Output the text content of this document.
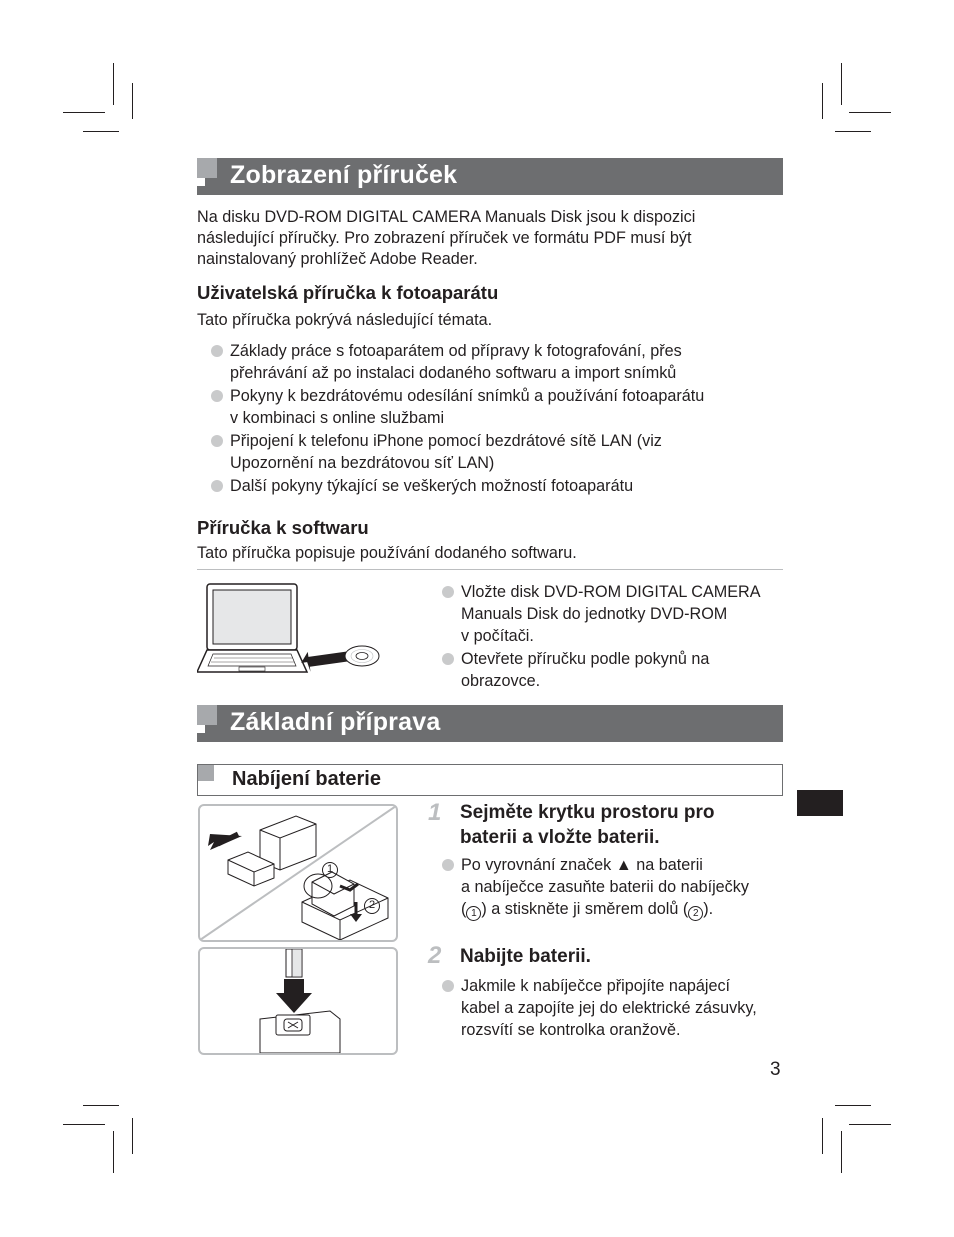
Zobrazení příruček
Na disku DVD-ROM DIGITAL CAMERA Manuals Disk jsou k dispozici
následující příručky. Pro zobrazení příruček ve formátu PDF musí být
nainstalovaný prohlížeč Adobe Reader.
Uživatelská příručka k fotoaparátu
Tato příručka pokrývá následující témata.
Základy práce s fotoaparátem od přípravy k fotografování, přes
přehrávání až po instalaci dodaného softwaru a import snímků
Pokyny k bezdrátovému odesílání snímků a používání fotoaparátu
v kombinaci s online službami
Připojení k telefonu iPhone pomocí bezdrátové sítě LAN (viz
Upozornění na bezdrátovou síť LAN)
Další pokyny týkající se veškerých možností fotoaparátu
Příručka k softwaru
Tato příručka popisuje používání dodaného softwaru.
Vložte disk DVD-ROM DIGITAL CAMERA
Manuals Disk do jednotky DVD-ROM
v počítači.
Otevřete příručku podle pokynů na
obrazovce.
Základní příprava
Nabíjení baterie
1
2
1 Sejměte krytku prostoru pro
baterii a vložte baterii.
Po vyrovnání značek ▲ na baterii
a nabíječce zasuňte baterii do nabíječky
( 1 ) a stiskněte ji směrem dolů ( 2 ).
2 Nabijte baterii.
Jakmile k nabíječce připojíte napájecí
kabel a zapojíte jej do elektrické zásuvky,
rozsvítí se kontrolka oranžově.
3
